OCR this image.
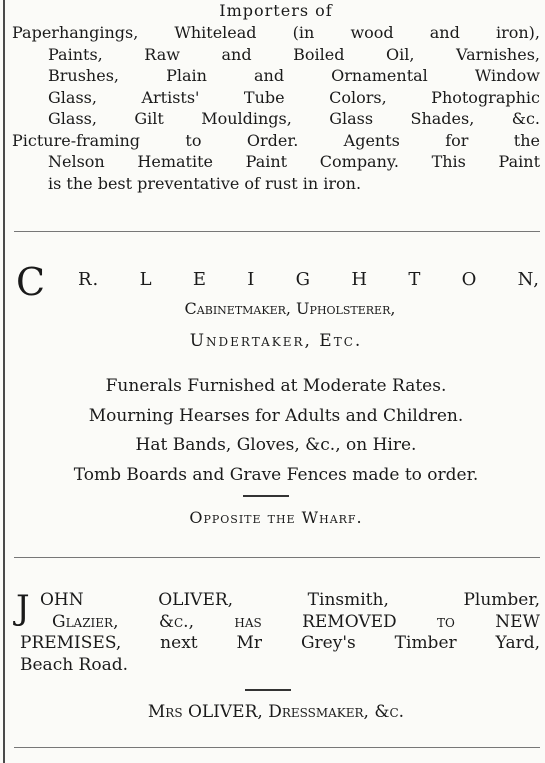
Importers of
Paperhangings, Whitelead (in wood and iron),
Paints, Raw and Boiled Oil, Varnishes,
Brushes, Plain and Ornamental Window
Glass, Artists' Tube Colors, Photographic
Glass, Gilt Mouldings, Glass Shades, &c.
Picture-framing to Order. Agents for the
Nelson Hematite Paint Company. This Paint
is the best preventative of rust in iron.
C R. L E I G H T O N,
Cabinetmaker, Upholsterer,
Undertaker, Etc.
Funerals Furnished at Moderate Rates.
Mourning Hearses for Adults and Children.
Hat Bands, Gloves, &c., on Hire.
Tomb Boards and Grave Fences made to order.
Opposite the Wharf.
J OHN OLIVER, Tinsmith, Plumber,
Glazier, &c., has REMOVED to NEW
PREMISES, next Mr Grey's Timber Yard,
Beach Road.
Mrs OLIVER, Dressmaker, &c.
